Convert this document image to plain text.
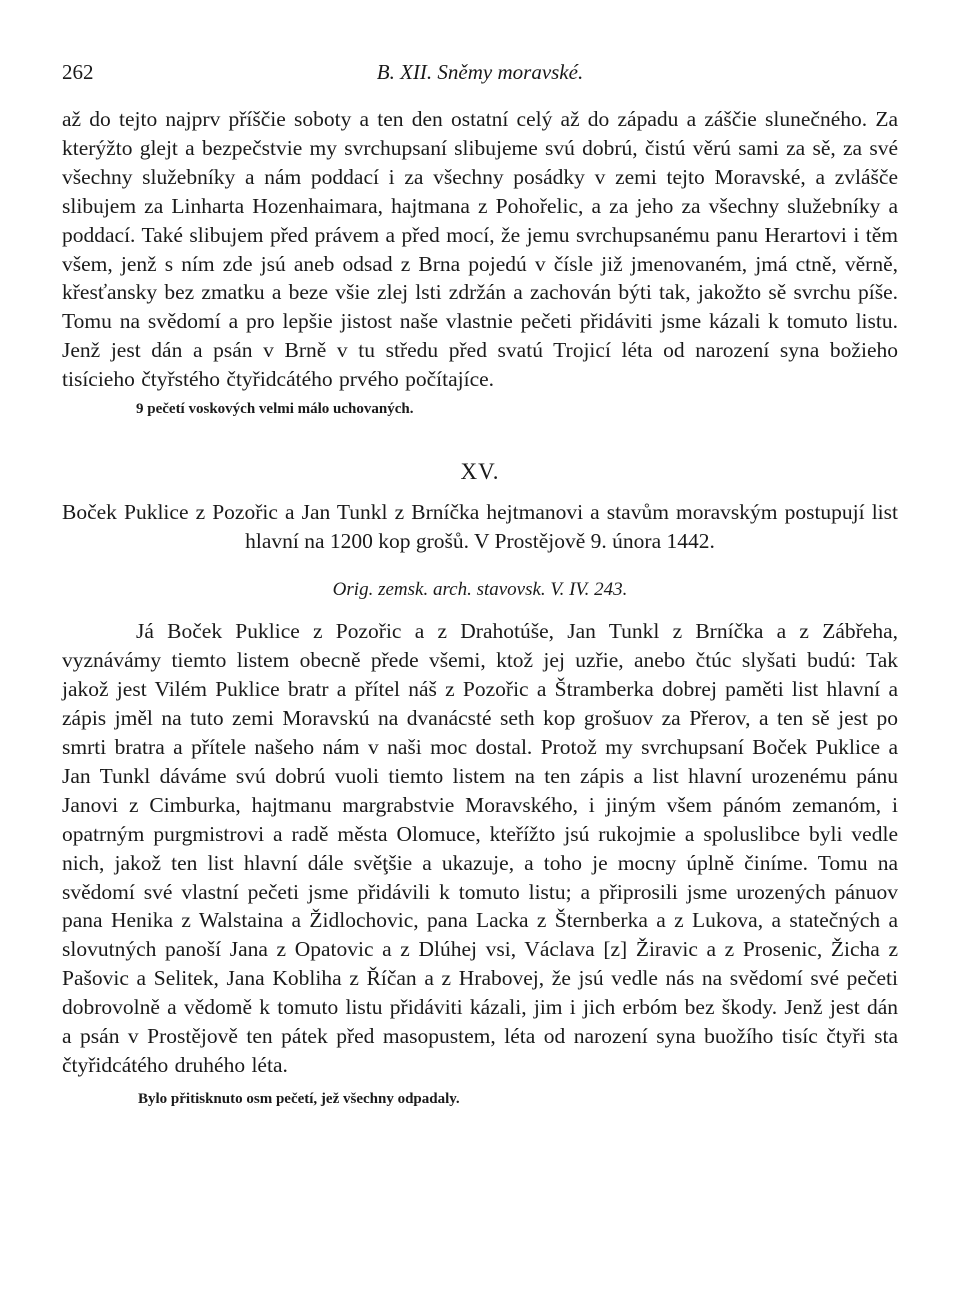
262	B. XII. Sněmy moravské.

až do tejto najprv příščie soboty a ten den ostatní celý až do západu a záščie slunečného. Za kterýžto glejt a bezpečstvie my svrchupsaní slibujeme svú dobrú, čistú věrú sami za sě, za své všechny služebníky a nám poddací i za všechny posádky v zemi tejto Moravské, a zvláščе slibujem za Linharta Hozenhaimara, hajtmana z Pohořelic, a za jeho za všechny služebníky a poddací. Také slibujem před právem a před mocí, že jemu svrchupsanému panu Herartovi i těm všem, jenž s ním zde jsú aneb odsad z Brna pojedú v čísle již jmenovaném, jmá ctně, věrně, křesťansky bez zmatku a beze všie zlej lsti zdržán a zachován býti tak, jakožto sě svrchu píše. Tomu na svědomí a pro lepšie jistost naše vlastnie pečeti přidáviti jsme kázali k tomuto listu. Jenž jest dán a psán v Brně v tu středu před svatú Trojicí léta od narození syna božieho tisícieho čtyřstého čtyřidcátého prvého počítajíce.

9 pečetí voskových velmi málo uchovaných.
XV.

Boček Puklice z Pozořic a Jan Tunkl z Brníčka hejtmanovi a stavům moravským postupují list hlavní na 1200 kop grošů. V Prostějově 9. února 1442.

Orig. zemsk. arch. stavovsk. V. IV. 243.

Já Boček Puklice z Pozořic a z Drahotúše, Jan Tunkl z Brníčka a z Zábřeha, vyznávámy tiemto listem obecně přede všemi, ktož jej uzřie, anebo čtúc slyšati budú: Tak jakož jest Vilém Puklice bratr a přítel náš z Pozořic a Štramberka dobrej paměti list hlavní a zápis jměl na tuto zemi Moravskú na dvanácsté seth kop grošuov za Přerov, a ten sě jest po smrti bratra a přítele našeho nám v naši moc dostal. Protož my svrchupsaní Boček Puklice a Jan Tunkl dáváme svú dobrú vuoli tiemto listem na ten zápis a list hlavní urozenému pánu Janovi z Cimburka, hajtmanu margrabstvie Moravského, i jiným všem pánóm zemanóm, i opatrným purgmistrovi a radě města Olomuce, kteřížto jsú rukojmie a spoluslibce byli vedle nich, jakož ten list hlavní dále svěţšie a ukazuje, a toho je mocny úplně činíme. Tomu na svědomí své vlastní pečeti jsme přidávili k tomuto listu; a připrosili jsme urozených pánuov pana Henika z Walstaina a Židlochovic, pana Lacka z Šternberka a z Lukova, a statečných a slovutných panoší Jana z Opatovic a z Dlúhej vsi, Václava [z] Žiravic a z Prosenic, Žicha z Pašovic a Selitek, Jana Kobliha z Říčan a z Hrabovej, že jsú vedle nás na svědomí své pečeti dobrovolně a vědomě k tomuto listu přidáviti kázali, jim i jich erbóm bez škody. Jenž jest dán a psán v Prostějově ten pátek před masopustem, léta od narození syna buožího tisíc čtyři sta čtyřidcátého druhého léta.

Bylo přitisknuto osm pečetí, jež všechny odpadaly.
